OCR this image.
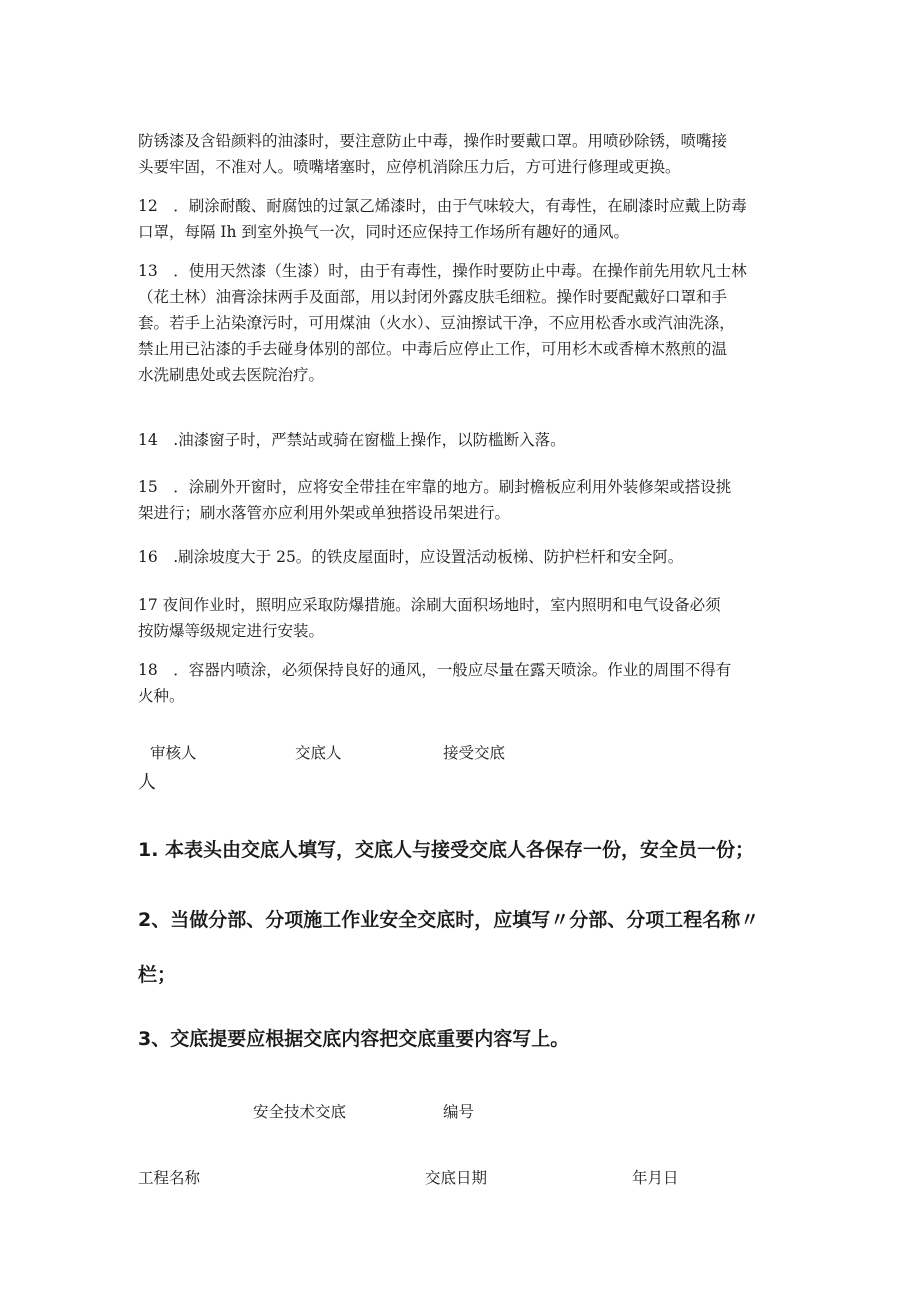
防锈漆及含铅颜料的油漆时，要注意防止中毒，操作时要戴口罩。用喷砂除锈，喷嘴接
头要牢固，不准对人。喷嘴堵塞时，应停机消除压力后，方可进行修理或更换。
12　．刷涂耐酸、耐腐蚀的过氯乙烯漆时，由于气味较大，有毒性，在刷漆时应戴上防毒
口罩，每隔 Ih 到室外换气一次，同时还应保持工作场所有趣好的通风。
13　．使用天然漆（生漆）时，由于有毒性，操作时要防止中毒。在操作前先用软凡士林
（花土林）油膏涂抹两手及面部，用以封闭外露皮肤毛细粒。操作时要配戴好口罩和手
套。若手上沾染潦污时，可用煤油（火水）、豆油擦试干净，不应用松香水或汽油洗涤，
禁止用已沾漆的手去碰身体别的部位。中毒后应停止工作，可用杉木或香樟木熬煎的温
水洗刷患处或去医院治疗。
14　.油漆窗子时，严禁站或骑在窗槛上操作，以防槛断入落。
15　．涂刷外开窗时，应将安全带挂在牢靠的地方。刷封檐板应利用外装修架或搭设挑
架进行；刷水落管亦应利用外架或单独搭设吊架进行。
16　.刷涂坡度大于 25。的铁皮屋面时，应设置活动板梯、防护栏杆和安全阿。
17 夜间作业时，照明应采取防爆措施。涂刷大面积场地时，室内照明和电气设备必须
按防爆等级规定进行安装。
18　．容器内喷涂，必须保持良好的通风，一般应尽量在露天喷涂。作业的周围不得有
火种。
审核人	交底人	接受交底
人
1. 本表头由交底人填写，交底人与接受交底人各保存一份，安全员一份；
2、当做分部、分项施工作业安全交底时，应填写〃分部、分项工程名称〃
栏；
3、交底提要应根据交底内容把交底重要内容写上。
安全技术交底	编号
工程名称	交底日期	年月日
